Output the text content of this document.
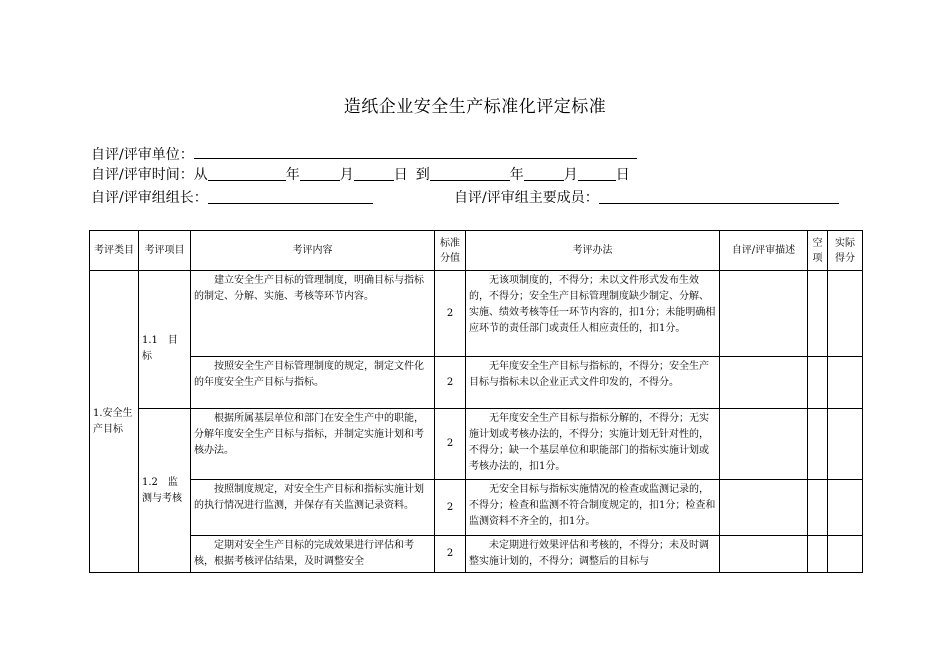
造纸企业安全生产标准化评定标准
自评/评审单位：
自评/评审时间：从	年	月	日 到	年	月	日
自评/评审组组长：	自评/评审组主要成员：
考评类目	考评项目	考评内容	标准分值	考评办法	自评/评审描述	空项	实际得分
1.安全生产目标	1.1　目标	建立安全生产目标的管理制度，明确目标与指标的制定、分解、实施、考核等环节内容。	2	无该项制度的，不得分；未以文件形式发布生效的，不得分；安全生产目标管理制度缺少制定、分解、实施、绩效考核等任一环节内容的，扣1分；未能明确相应环节的责任部门或责任人相应责任的，扣1分。			
		按照安全生产目标管理制度的规定，制定文件化的年度安全生产目标与指标。	2	无年度安全生产目标与指标的，不得分；安全生产目标与指标未以企业正式文件印发的，不得分。			
	1.2　监测与考核	根据所属基层单位和部门在安全生产中的职能，分解年度安全生产目标与指标，并制定实施计划和考核办法。	2	无年度安全生产目标与指标分解的，不得分；无实施计划或考核办法的，不得分；实施计划无针对性的，不得分；缺一个基层单位和职能部门的指标实施计划或考核办法的，扣1分。			
		按照制度规定，对安全生产目标和指标实施计划的执行情况进行监测，并保存有关监测记录资料。	2	无安全目标与指标实施情况的检查或监测记录的，不得分；检查和监测不符合制度规定的，扣1分；检查和监测资料不齐全的，扣1分。			
		定期对安全生产目标的完成效果进行评估和考核，根据考核评估结果，及时调整安全	2	未定期进行效果评估和考核的，不得分；未及时调整实施计划的，不得分；调整后的目标与			
